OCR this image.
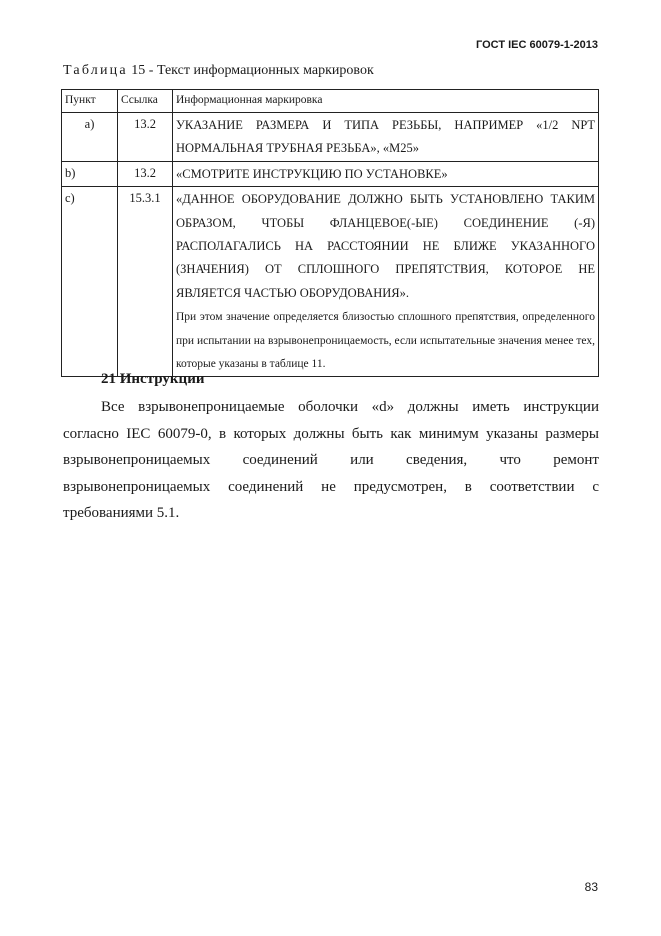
ГОСТ IEC 60079-1-2013
Таблица 15 - Текст информационных маркировок
Пункт	Ссылка	Информационная маркировка
a)	13.2	УКАЗАНИЕ РАЗМЕРА И ТИПА РЕЗЬБЫ, НАПРИМЕР «1/2 NPT НОРМАЛЬНАЯ ТРУБНАЯ РЕЗЬБА», «M25»

b)	13.2	«СМОТРИТЕ ИНСТРУКЦИЮ ПО УСТАНОВКЕ»

c)	15.3.1	«ДАННОЕ ОБОРУДОВАНИЕ ДОЛЖНО БЫТЬ УСТАНОВЛЕНО ТАКИМ ОБРАЗОМ, ЧТОБЫ ФЛАНЦЕВОЕ(-ЫЕ) СОЕДИНЕНИЕ (-Я) РАСПОЛАГАЛИСЬ НА РАССТОЯНИИ НЕ БЛИЖЕ УКАЗАННОГО (ЗНАЧЕНИЯ) ОТ СПЛОШНОГО ПРЕПЯТСТВИЯ, КОТОРОЕ НЕ ЯВЛЯЕТСЯ ЧАСТЬЮ ОБОРУДОВАНИЯ».
При этом значение определяется близостью сплошного препятствия, определенного при испытании на взрывонепроницаемость, если испытательные значения менее тех, которые указаны в таблице 11.
21 Инструкции
Все взрывонепроницаемые оболочки «d» должны иметь инструкции согласно IEC 60079-0, в которых должны быть как минимум указаны размеры взрывонепроницаемых соединений или сведения, что ремонт взрывонепроницаемых соединений не предусмотрен, в соответствии с требованиями 5.1.
83
